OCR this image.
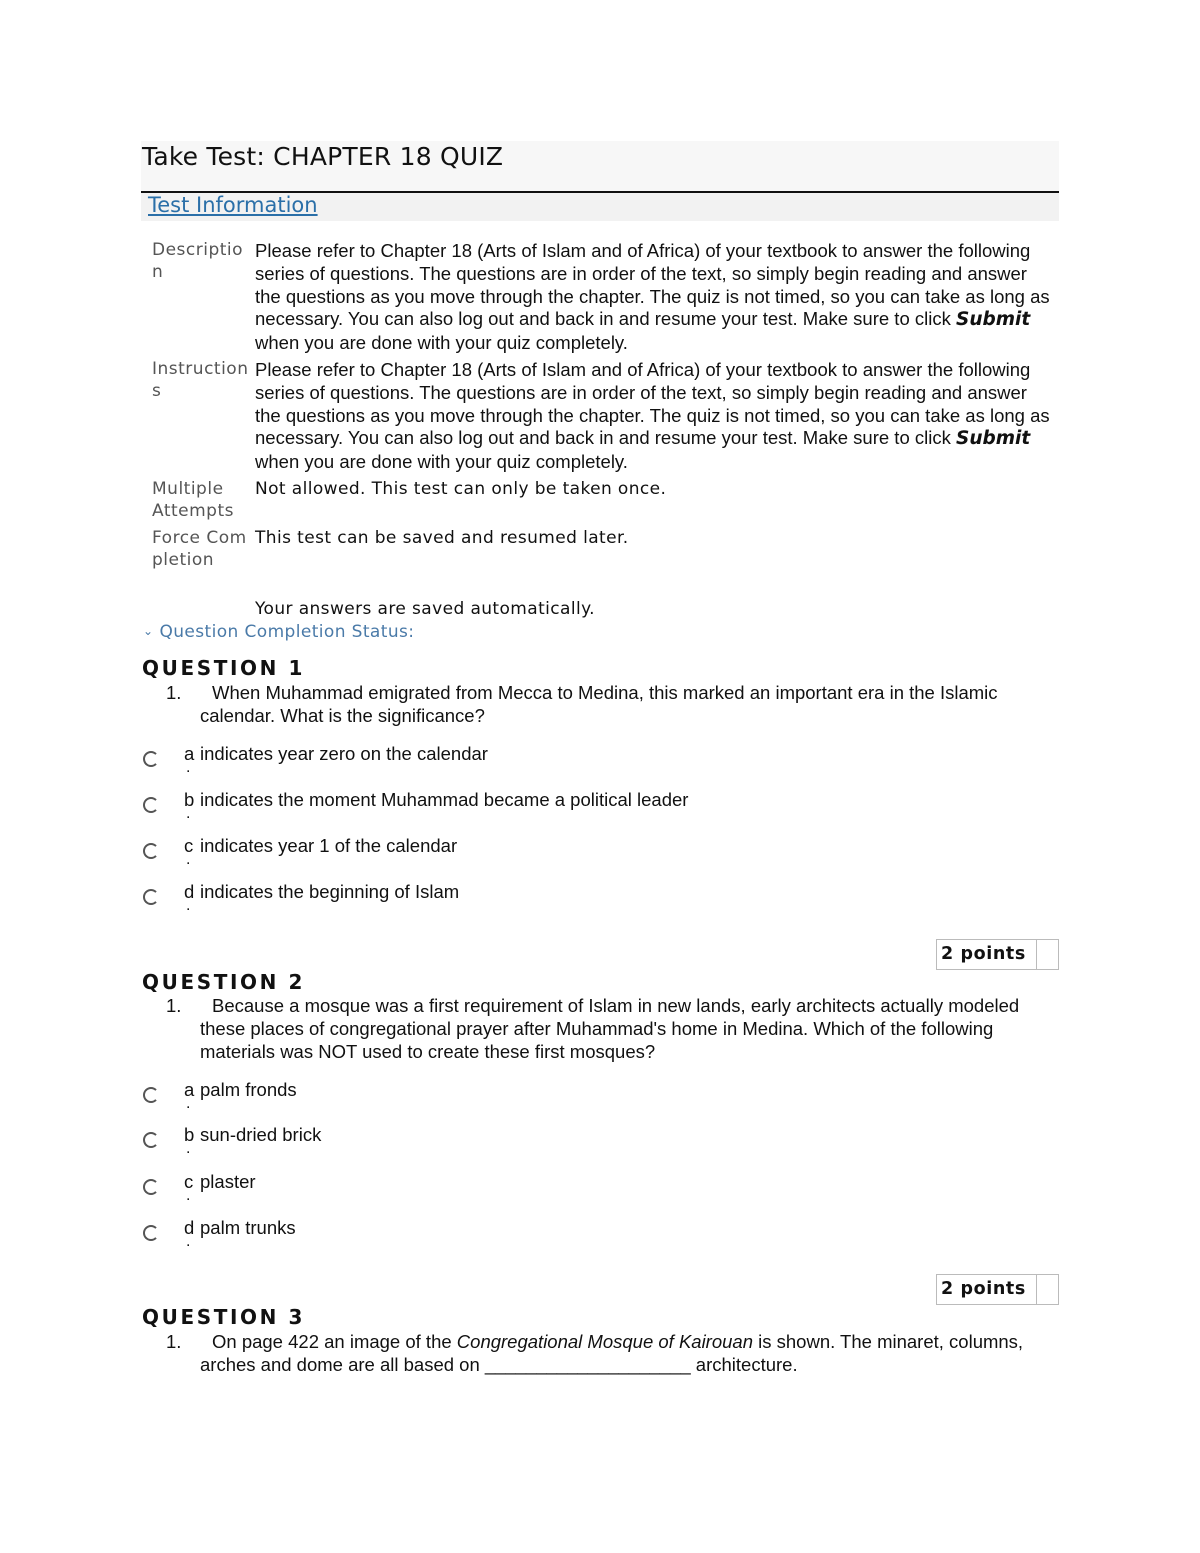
Take Test: CHAPTER 18 QUIZ
Test Information
Description
Please refer to Chapter 18 (Arts of Islam and of Africa) of your textbook to answer the following series of questions. The questions are in order of the text, so simply begin reading and answer the questions as you move through the chapter. The quiz is not timed, so you can take as long as necessary. You can also log out and back in and resume your test. Make sure to click Submit when you are done with your quiz completely.
Instructions
Please refer to Chapter 18 (Arts of Islam and of Africa) of your textbook to answer the following series of questions. The questions are in order of the text, so simply begin reading and answer the questions as you move through the chapter. The quiz is not timed, so you can take as long as necessary. You can also log out and back in and resume your test. Make sure to click Submit when you are done with your quiz completely.
Multiple Attempts
Not allowed. This test can only be taken once.
Force Completion
This test can be saved and resumed later.
Your answers are saved automatically.
⌄ Question Completion Status:
QUESTION 1
1.	When Muhammad emigrated from Mecca to Medina, this marked an important era in the Islamic calendar. What is the significance?
a
.
indicates year zero on the calendar
b
.
indicates the moment Muhammad became a political leader
c
.
indicates year 1 of the calendar
d
.
indicates the beginning of Islam
2 points
QUESTION 2
1.	Because a mosque was a first requirement of Islam in new lands, early architects actually modeled these places of congregational prayer after Muhammad's home in Medina. Which of the following materials was NOT used to create these first mosques?
a
.
palm fronds
b
.
sun-dried brick
c
.
plaster
d
.
palm trunks
2 points
QUESTION 3
1.	On page 422 an image of the Congregational Mosque of Kairouan is shown. The minaret, columns, arches and dome are all based on ____________________ architecture.
